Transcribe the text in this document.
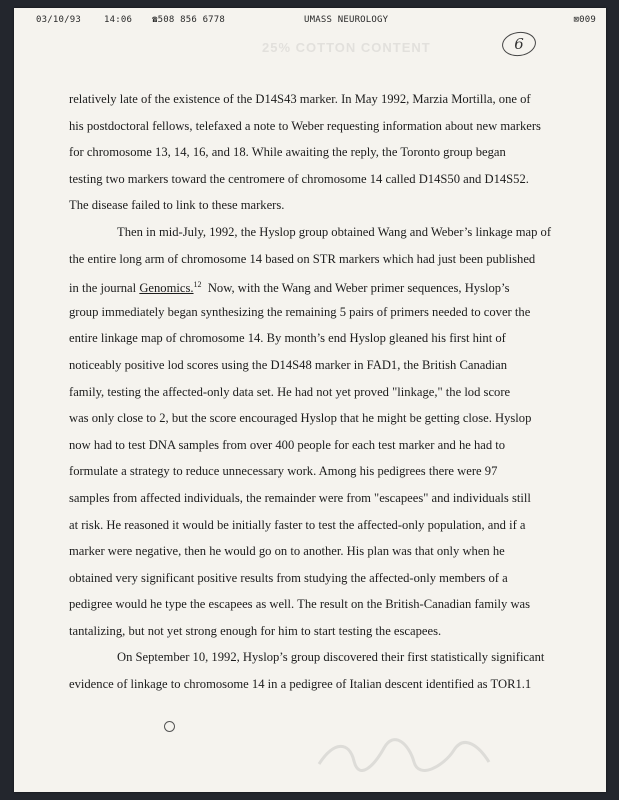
03/10/93	14:06 ☎508 856 6778	UMASS NEUROLOGY	⊠009
25% COTTON CONTENT	6
relatively late of the existence of the D14S43 marker. In May 1992, Marzia Mortilla, one of
his postdoctoral fellows, telefaxed a note to Weber requesting information about new markers
for chromosome 13, 14, 16, and 18. While awaiting the reply, the Toronto group began
testing two markers toward the centromere of chromosome 14 called D14S50 and D14S52.
The disease failed to link to these markers.
Then in mid-July, 1992, the Hyslop group obtained Wang and Weber’s linkage map of
the entire long arm of chromosome 14 based on STR markers which had just been published
in the journal Genomics.$^{12}$ Now, with the Wang and Weber primer sequences, Hyslop’s
group immediately began synthesizing the remaining 5 pairs of primers needed to cover the
entire linkage map of chromosome 14. By month’s end Hyslop gleaned his first hint of
noticeably positive lod scores using the D14S48 marker in FAD1, the British Canadian
family, testing the affected-only data set. He had not yet proved "linkage," the lod score
was only close to 2, but the score encouraged Hyslop that he might be getting close. Hyslop
now had to test DNA samples from over 400 people for each test marker and he had to
formulate a strategy to reduce unnecessary work. Among his pedigrees there were 97
samples from affected individuals, the remainder were from "escapees" and individuals still
at risk. He reasoned it would be initially faster to test the affected-only population, and if a
marker were negative, then he would go on to another. His plan was that only when he
obtained very significant positive results from studying the affected-only members of a
pedigree would he type the escapees as well. The result on the British-Canadian family was
tantalizing, but not yet strong enough for him to start testing the escapees.
On September 10, 1992, Hyslop’s group discovered their first statistically significant
evidence of linkage to chromosome 14 in a pedigree of Italian descent identified as TOR1.1
